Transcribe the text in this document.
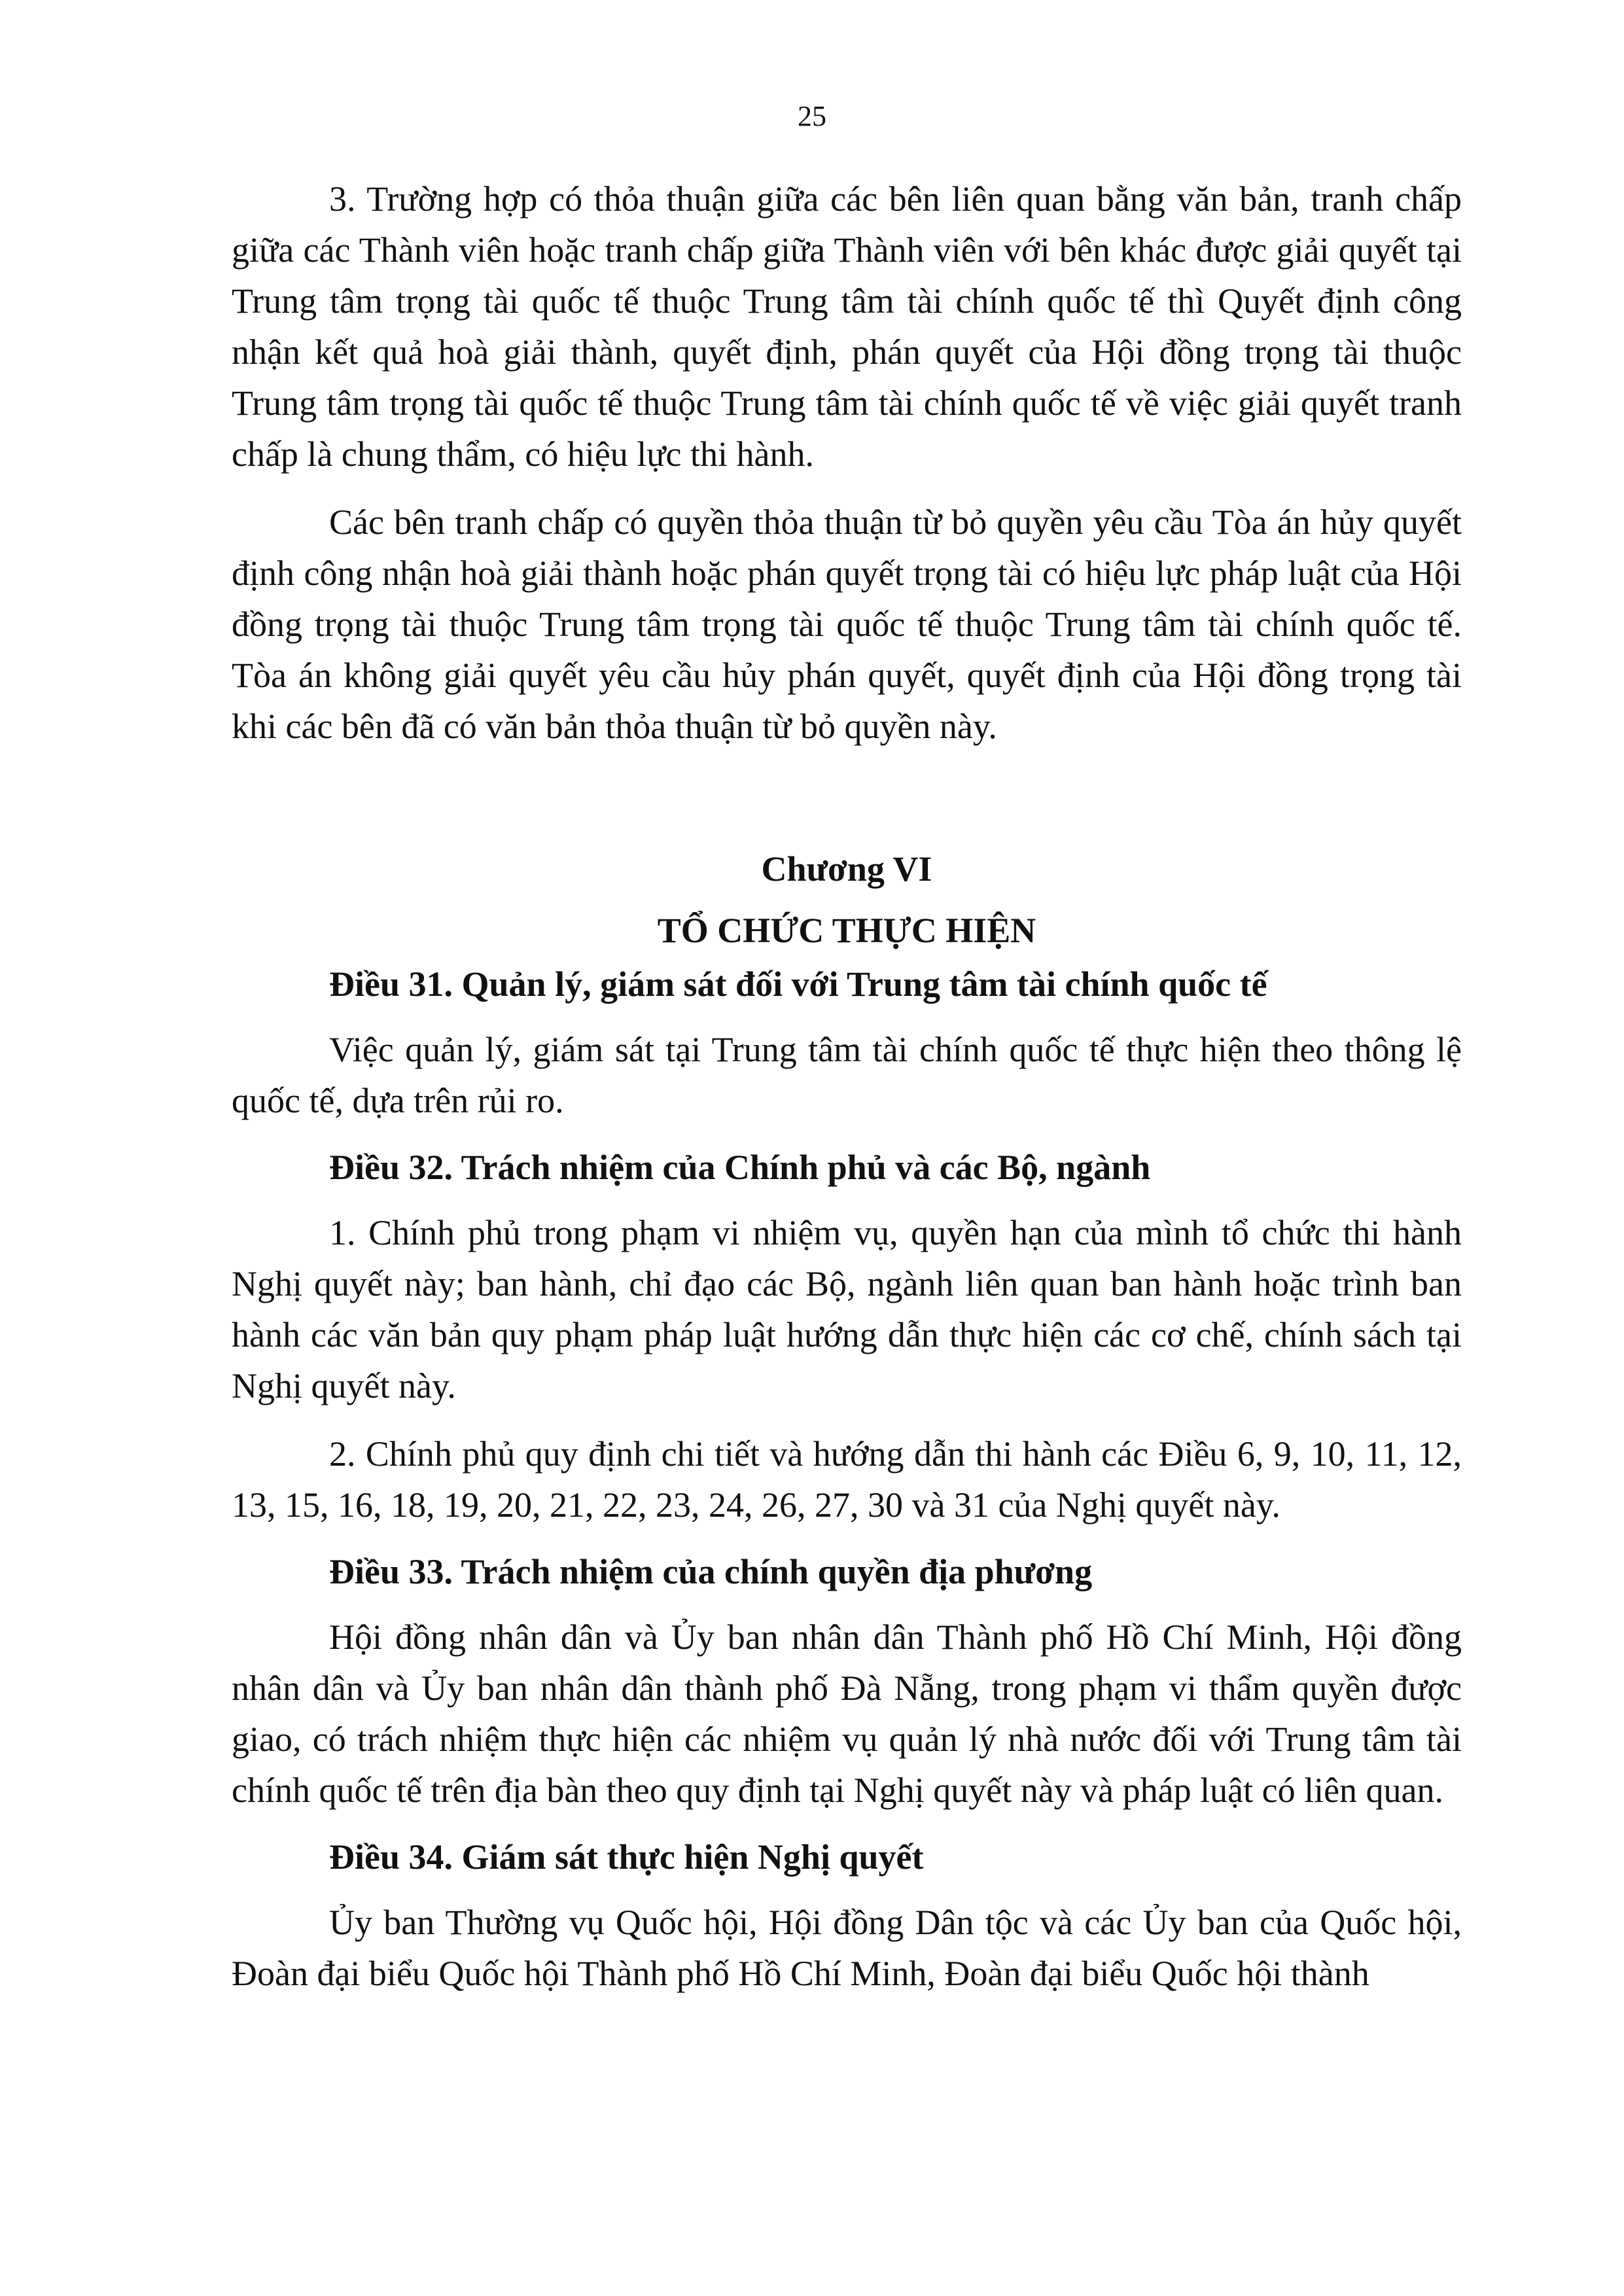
25

3. Trường hợp có thỏa thuận giữa các bên liên quan bằng văn bản, tranh chấp giữa các Thành viên hoặc tranh chấp giữa Thành viên với bên khác được giải quyết tại Trung tâm trọng tài quốc tế thuộc Trung tâm tài chính quốc tế thì Quyết định công nhận kết quả hoà giải thành, quyết định, phán quyết của Hội đồng trọng tài thuộc Trung tâm trọng tài quốc tế thuộc Trung tâm tài chính quốc tế về việc giải quyết tranh chấp là chung thẩm, có hiệu lực thi hành.

Các bên tranh chấp có quyền thỏa thuận từ bỏ quyền yêu cầu Tòa án hủy quyết định công nhận hoà giải thành hoặc phán quyết trọng tài có hiệu lực pháp luật của Hội đồng trọng tài thuộc Trung tâm trọng tài quốc tế thuộc Trung tâm tài chính quốc tế. Tòa án không giải quyết yêu cầu hủy phán quyết, quyết định của Hội đồng trọng tài khi các bên đã có văn bản thỏa thuận từ bỏ quyền này.

Chương VI
TỔ CHỨC THỰC HIỆN
Điều 31. Quản lý, giám sát đối với Trung tâm tài chính quốc tế

Việc quản lý, giám sát tại Trung tâm tài chính quốc tế thực hiện theo thông lệ quốc tế, dựa trên rủi ro.

Điều 32. Trách nhiệm của Chính phủ và các Bộ, ngành

1. Chính phủ trong phạm vi nhiệm vụ, quyền hạn của mình tổ chức thi hành Nghị quyết này; ban hành, chỉ đạo các Bộ, ngành liên quan ban hành hoặc trình ban hành các văn bản quy phạm pháp luật hướng dẫn thực hiện các cơ chế, chính sách tại Nghị quyết này.

2. Chính phủ quy định chi tiết và hướng dẫn thi hành các Điều 6, 9, 10, 11, 12, 13, 15, 16, 18, 19, 20, 21, 22, 23, 24, 26, 27, 30 và 31 của Nghị quyết này.

Điều 33. Trách nhiệm của chính quyền địa phương

Hội đồng nhân dân và Ủy ban nhân dân Thành phố Hồ Chí Minh, Hội đồng nhân dân và Ủy ban nhân dân thành phố Đà Nẵng, trong phạm vi thẩm quyền được giao, có trách nhiệm thực hiện các nhiệm vụ quản lý nhà nước đối với Trung tâm tài chính quốc tế trên địa bàn theo quy định tại Nghị quyết này và pháp luật có liên quan.

Điều 34. Giám sát thực hiện Nghị quyết

Ủy ban Thường vụ Quốc hội, Hội đồng Dân tộc và các Ủy ban của Quốc hội, Đoàn đại biểu Quốc hội Thành phố Hồ Chí Minh, Đoàn đại biểu Quốc hội thành
